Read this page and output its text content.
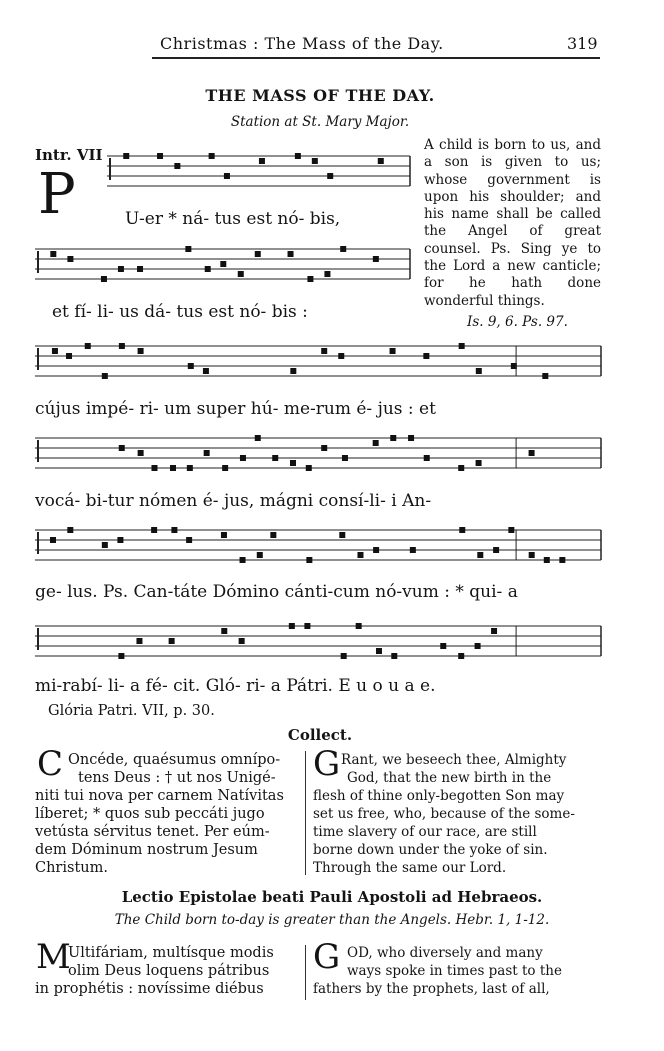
Christmas : The Mass of the Day.	319
THE MASS OF THE DAY.
Station at St. Mary Major.
Intr. VII
P	U-er * ná- tus est nó- bis,
et fí- li- us dá- tus est nó- bis :
cújus impé- ri- um super hú- me-rum é- jus : et
vocá- bi-tur nómen é- jus, mágni consí-li- i An-
ge- lus. Ps. Can-táte Dómino cánti-cum nó-vum : * qui- a
mi-rabí- li- a fé- cit. Gló- ri- a Pátri. E u o u a e.
A child is born to us, and a son is given to us; whose government is upon his shoulder; and his name shall be called the Angel of great counsel. Ps. Sing ye to the Lord a new canticle; for he hath done wonderful things.
Is. 9, 6. Ps. 97.
Glória Patri. VII, p. 30.
Collect.
C Oncéde, quaésumus omnípo-
tens Deus : † ut nos Unigé-
niti tui nova per carnem Natívitas
líberet; * quos sub peccáti jugo
vetústa sérvitus tenet. Per eúm-
dem Dóminum nostrum Jesum
Christum.
G Rant, we beseech thee, Almighty
God, that the new birth in the
flesh of thine only-begotten Son may
set us free, who, because of the some-
time slavery of our race, are still
borne down under the yoke of sin.
Through the same our Lord.
Lectio Epistolae beati Pauli Apostoli ad Hebraeos.
The Child born to-day is greater than the Angels. Hebr. 1, 1-12.
M
Ultifáriam, multísque modis
olim Deus loquens pátribus
in prophétis : novíssime diébus
G OD, who diversely and many
ways spoke in times past to the
fathers by the prophets, last of all,
